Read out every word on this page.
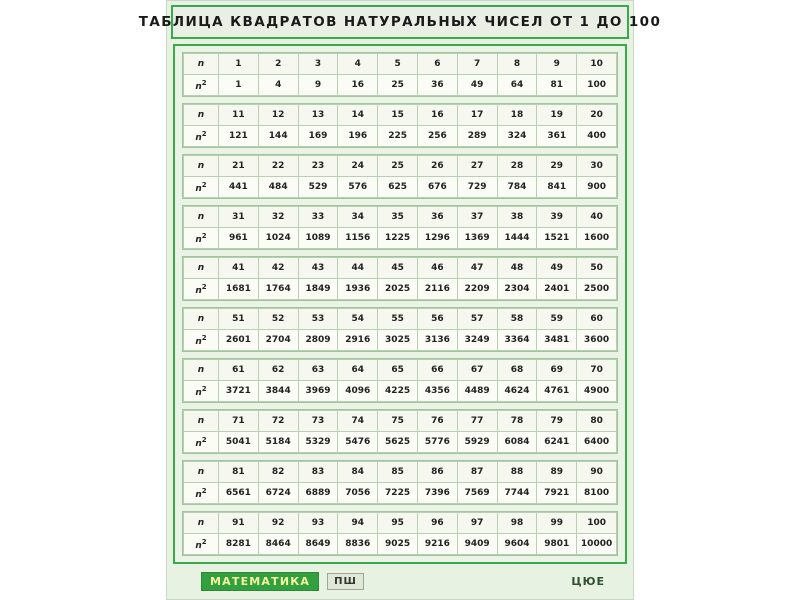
ТАБЛИЦА КВАДРАТОВ НАТУРАЛЬНЫХ ЧИСЕЛ ОТ 1 ДО 100
n	1	2	3	4	5	6	7	8	9	10
$n^2$	1	4	9	16	25	36	49	64	81	100
n	11	12	13	14	15	16	17	18	19	20
$n^2$	121	144	169	196	225	256	289	324	361	400
n	21	22	23	24	25	26	27	28	29	30
$n^2$	441	484	529	576	625	676	729	784	841	900
n	31	32	33	34	35	36	37	38	39	40
$n^2$	961	1024	1089	1156	1225	1296	1369	1444	1521	1600
n	41	42	43	44	45	46	47	48	49	50
$n^2$	1681	1764	1849	1936	2025	2116	2209	2304	2401	2500
n	51	52	53	54	55	56	57	58	59	60
$n^2$	2601	2704	2809	2916	3025	3136	3249	3364	3481	3600
n	61	62	63	64	65	66	67	68	69	70
$n^2$	3721	3844	3969	4096	4225	4356	4489	4624	4761	4900
n	71	72	73	74	75	76	77	78	79	80
$n^2$	5041	5184	5329	5476	5625	5776	5929	6084	6241	6400
n	81	82	83	84	85	86	87	88	89	90
$n^2$	6561	6724	6889	7056	7225	7396	7569	7744	7921	8100
n	91	92	93	94	95	96	97	98	99	100
$n^2$	8281	8464	8649	8836	9025	9216	9409	9604	9801	10000
МАТЕМАТИКА	ПШ	ЦЮЕ
